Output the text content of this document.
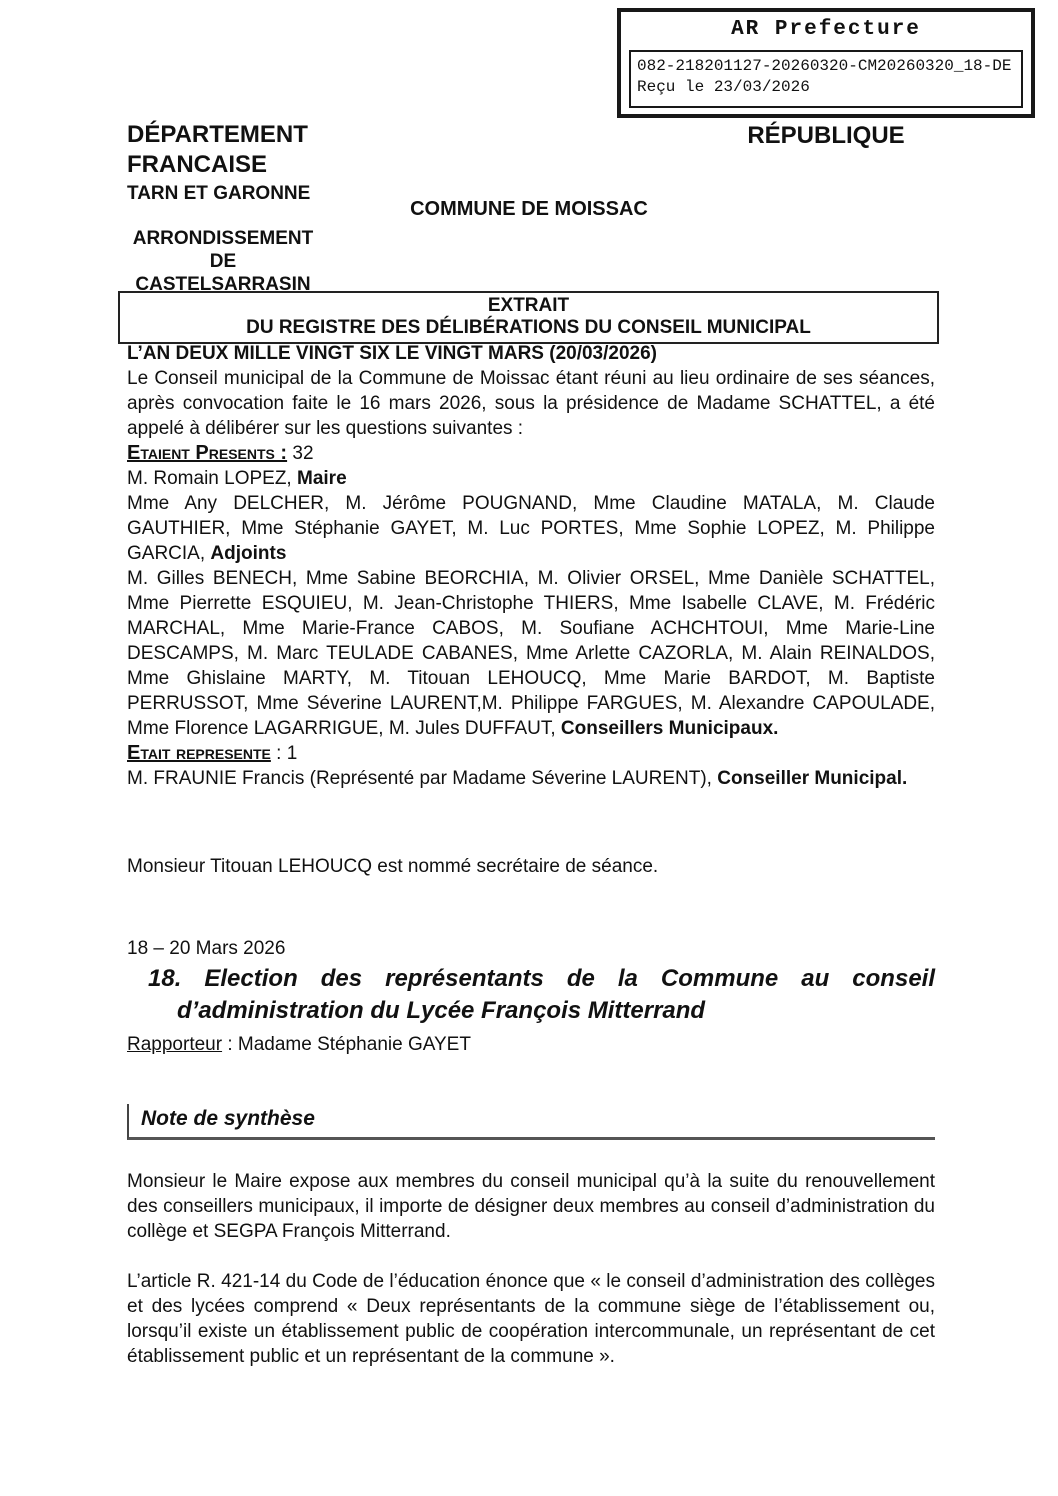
AR Prefecture
082-218201127-20260320-CM20260320_18-DE
Reçu le 23/03/2026
DÉPARTEMENT
FRANCAISE
TARN ET GARONNE
ARRONDISSEMENT
DE
CASTELSARRASIN
RÉPUBLIQUE
COMMUNE DE MOISSAC
EXTRAIT
DU REGISTRE DES DÉLIBÉRATIONS DU CONSEIL MUNICIPAL
L’AN DEUX MILLE VINGT SIX LE VINGT MARS (20/03/2026)
Le Conseil municipal de la Commune de Moissac étant réuni au lieu ordinaire de ses séances, après convocation faite le 16 mars 2026, sous la présidence de Madame SCHATTEL, a été appelé à délibérer sur les questions suivantes :
Etaient Presents : 32
M. Romain LOPEZ, Maire
Mme Any DELCHER, M. Jérôme POUGNAND, Mme Claudine MATALA, M. Claude GAUTHIER, Mme Stéphanie GAYET, M. Luc PORTES, Mme Sophie LOPEZ, M. Philippe GARCIA, Adjoints
M. Gilles BENECH, Mme Sabine BEORCHIA, M. Olivier ORSEL, Mme Danièle SCHATTEL, Mme Pierrette ESQUIEU, M. Jean-Christophe THIERS, Mme Isabelle CLAVE, M. Frédéric MARCHAL, Mme Marie-France CABOS, M. Soufiane ACHCHTOUI, Mme Marie-Line DESCAMPS, M. Marc TEULADE CABANES, Mme Arlette CAZORLA, M. Alain REINALDOS, Mme Ghislaine MARTY, M. Titouan LEHOUCQ, Mme Marie BARDOT, M. Baptiste PERRUSSOT, Mme Séverine LAURENT,M. Philippe FARGUES, M. Alexandre CAPOULADE, Mme Florence LAGARRIGUE, M. Jules DUFFAUT, Conseillers Municipaux.
Etait represente : 1
M. FRAUNIE Francis (Représenté par Madame Séverine LAURENT), Conseiller Municipal.
Monsieur Titouan LEHOUCQ est nommé secrétaire de séance.
18 – 20 Mars 2026
18. Election des représentants de la Commune au conseil d’administration du Lycée François Mitterrand
Rapporteur : Madame Stéphanie GAYET
Note de synthèse
Monsieur le Maire expose aux membres du conseil municipal qu’à la suite du renouvellement des conseillers municipaux, il importe de désigner deux membres au conseil d’administration du collège et SEGPA François Mitterrand.
L’article R. 421-14 du Code de l’éducation énonce que « le conseil d’administration des collèges et des lycées comprend « Deux représentants de la commune siège de l’établissement ou, lorsqu’il existe un établissement public de coopération intercommunale, un représentant de cet établissement public et un représentant de la commune ».
